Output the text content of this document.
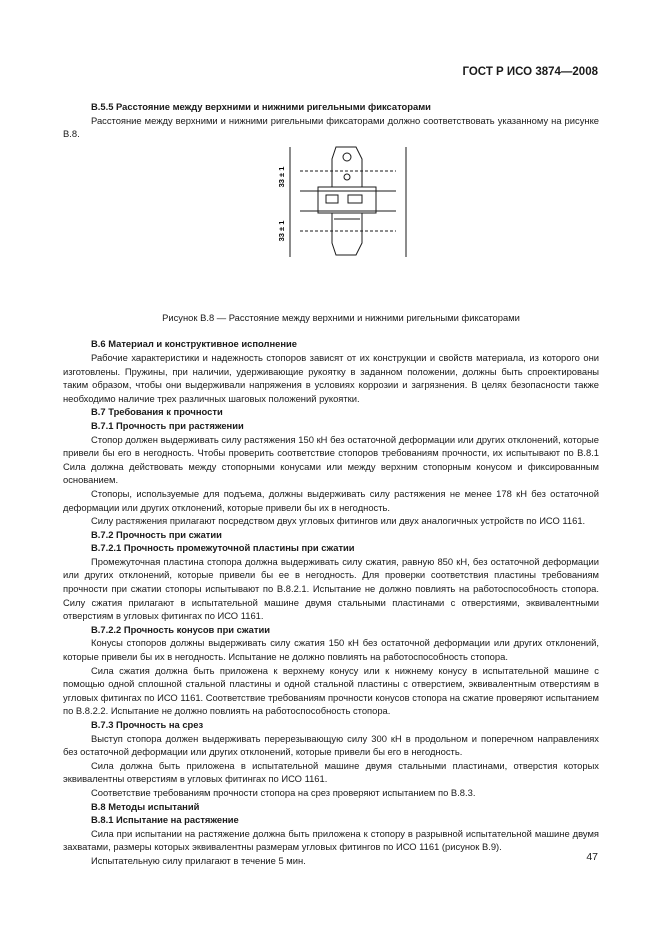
ГОСТ Р ИСО 3874—2008
В.5.5 Расстояние между верхними и нижними ригельными фиксаторами
Расстояние между верхними и нижними ригельными фиксаторами должно соответствовать указанному на рисунке В.8.
33 ± 1
33 ± 1
Рисунок В.8 — Расстояние между верхними и нижними ригельными фиксаторами
В.6 Материал и конструктивное исполнение
Рабочие характеристики и надежность стопоров зависят от их конструкции и свойств материала, из которого они изготовлены. Пружины, при наличии, удерживающие рукоятку в заданном положении, должны быть спроектированы таким образом, чтобы они выдерживали напряжения в условиях коррозии и загрязнения. В целях безопасности также необходимо наличие трех различных шаговых положений рукоятки.
В.7 Требования к прочности
В.7.1 Прочность при растяжении
Стопор должен выдерживать силу растяжения 150 кН без остаточной деформации или других отклонений, которые привели бы его в негодность. Чтобы проверить соответствие стопоров требованиям прочности, их испытывают по В.8.1 Сила должна действовать между стопорными конусами или между верхним стопорным конусом и фиксированным основанием.
Стопоры, используемые для подъема, должны выдерживать силу растяжения не менее 178 кН без остаточной деформации или других отклонений, которые привели бы их в негодность.
Силу растяжения прилагают посредством двух угловых фитингов или двух аналогичных устройств по ИСО 1161.
В.7.2 Прочность при сжатии
В.7.2.1 Прочность промежуточной пластины при сжатии
Промежуточная пластина стопора должна выдерживать силу сжатия, равную 850 кН, без остаточной деформации или других отклонений, которые привели бы ее в негодность. Для проверки соответствия пластины требованиям прочности при сжатии стопоры испытывают по В.8.2.1. Испытание не должно повлиять на работоспособность стопора. Силу сжатия прилагают в испытательной машине двумя стальными пластинами с отверстиями, эквивалентными отверстиям в угловых фитингах по ИСО 1161.
В.7.2.2 Прочность конусов при сжатии
Конусы стопоров должны выдерживать силу сжатия 150 кН без остаточной деформации или других отклонений, которые привели бы их в негодность. Испытание не должно повлиять на работоспособность стопора.
Сила сжатия должна быть приложена к верхнему конусу или к нижнему конусу в испытательной машине с помощью одной сплошной стальной пластины и одной стальной пластины с отверстием, эквивалентным отверстиям в угловых фитингах по ИСО 1161. Соответствие требованиям прочности конусов стопора на сжатие проверяют испытанием по В.8.2.2. Испытание не должно повлиять на работоспособность стопора.
В.7.3 Прочность на срез
Выступ стопора должен выдерживать перерезывающую силу 300 кН в продольном и поперечном направлениях без остаточной деформации или других отклонений, которые привели бы его в негодность.
Сила должна быть приложена в испытательной машине двумя стальными пластинами, отверстия которых эквивалентны отверстиям в угловых фитингах по ИСО 1161.
Соответствие требованиям прочности стопора на срез проверяют испытанием по В.8.3.
В.8 Методы испытаний
В.8.1 Испытание на растяжение
Сила при испытании на растяжение должна быть приложена к стопору в разрывной испытательной машине двумя захватами, размеры которых эквивалентны размерам угловых фитингов по ИСО 1161 (рисунок В.9).
Испытательную силу прилагают в течение 5 мин.	47
